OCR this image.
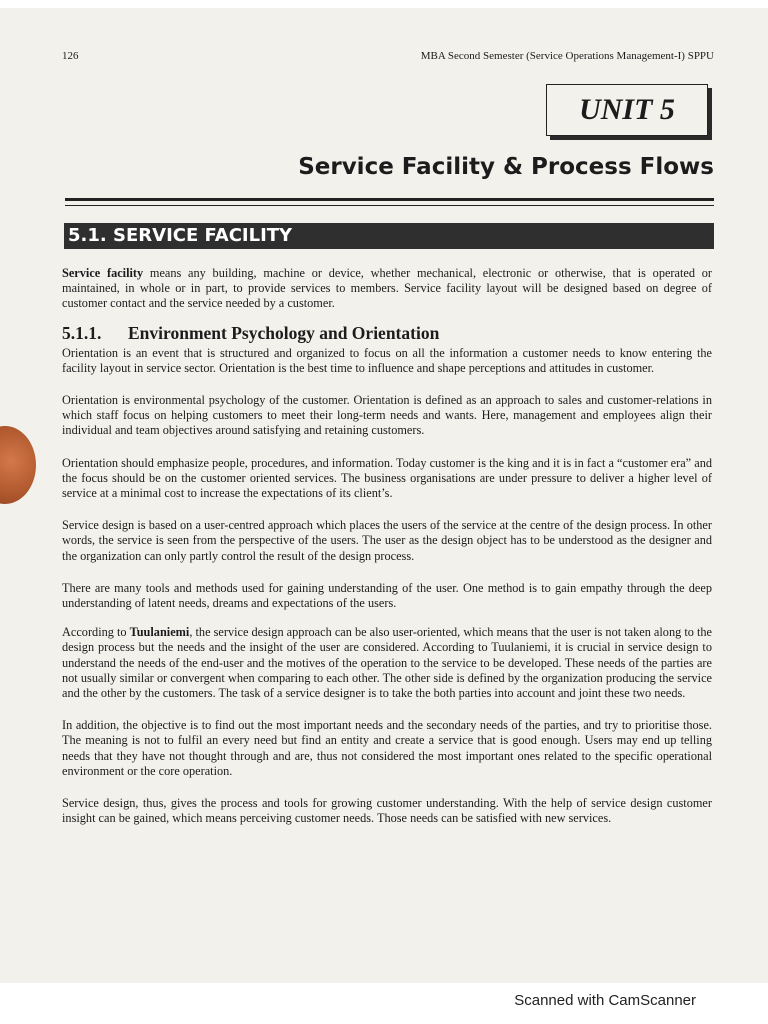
126	MBA Second Semester (Service Operations Management-I) SPPU
UNIT 5
Service Facility & Process Flows
5.1. SERVICE FACILITY

Service facility means any building, machine or device, whether mechanical, electronic or otherwise, that is operated or maintained, in whole or in part, to provide services to members. Service facility layout will be designed based on degree of customer contact and the service needed by a customer.

5.1.1. Environment Psychology and Orientation

Orientation is an event that is structured and organized to focus on all the information a customer needs to know entering the facility layout in service sector. Orientation is the best time to influence and shape perceptions and attitudes in customer.

Orientation is environmental psychology of the customer. Orientation is defined as an approach to sales and customer-relations in which staff focus on helping customers to meet their long-term needs and wants. Here, management and employees align their individual and team objectives around satisfying and retaining customers.

Orientation should emphasize people, procedures, and information. Today customer is the king and it is in fact a “customer era” and the focus should be on the customer oriented services. The business organisations are under pressure to deliver a higher level of service at a minimal cost to increase the expectations of its client’s.

Service design is based on a user-centred approach which places the users of the service at the centre of the design process. In other words, the service is seen from the perspective of the users. The user as the design object has to be understood as the designer and the organization can only partly control the result of the design process.

There are many tools and methods used for gaining understanding of the user. One method is to gain empathy through the deep understanding of latent needs, dreams and expectations of the users.

According to Tuulaniemi, the service design approach can be also user-oriented, which means that the user is not taken along to the design process but the needs and the insight of the user are considered. According to Tuulaniemi, it is crucial in service design to understand the needs of the end-user and the motives of the operation to the service to be developed. These needs of the parties are not usually similar or convergent when comparing to each other. The other side is defined by the organization producing the service and the other by the customers. The task of a service designer is to take the both parties into account and joint these two needs.

In addition, the objective is to find out the most important needs and the secondary needs of the parties, and try to prioritise those. The meaning is not to fulfil an every need but find an entity and create a service that is good enough. Users may end up telling needs that they have not thought through and are, thus not considered the most important ones related to the specific operational environment or the core operation.

Service design, thus, gives the process and tools for growing customer understanding. With the help of service design customer insight can be gained, which means perceiving customer needs. Those needs can be satisfied with new services.

Scanned with CamScanner
